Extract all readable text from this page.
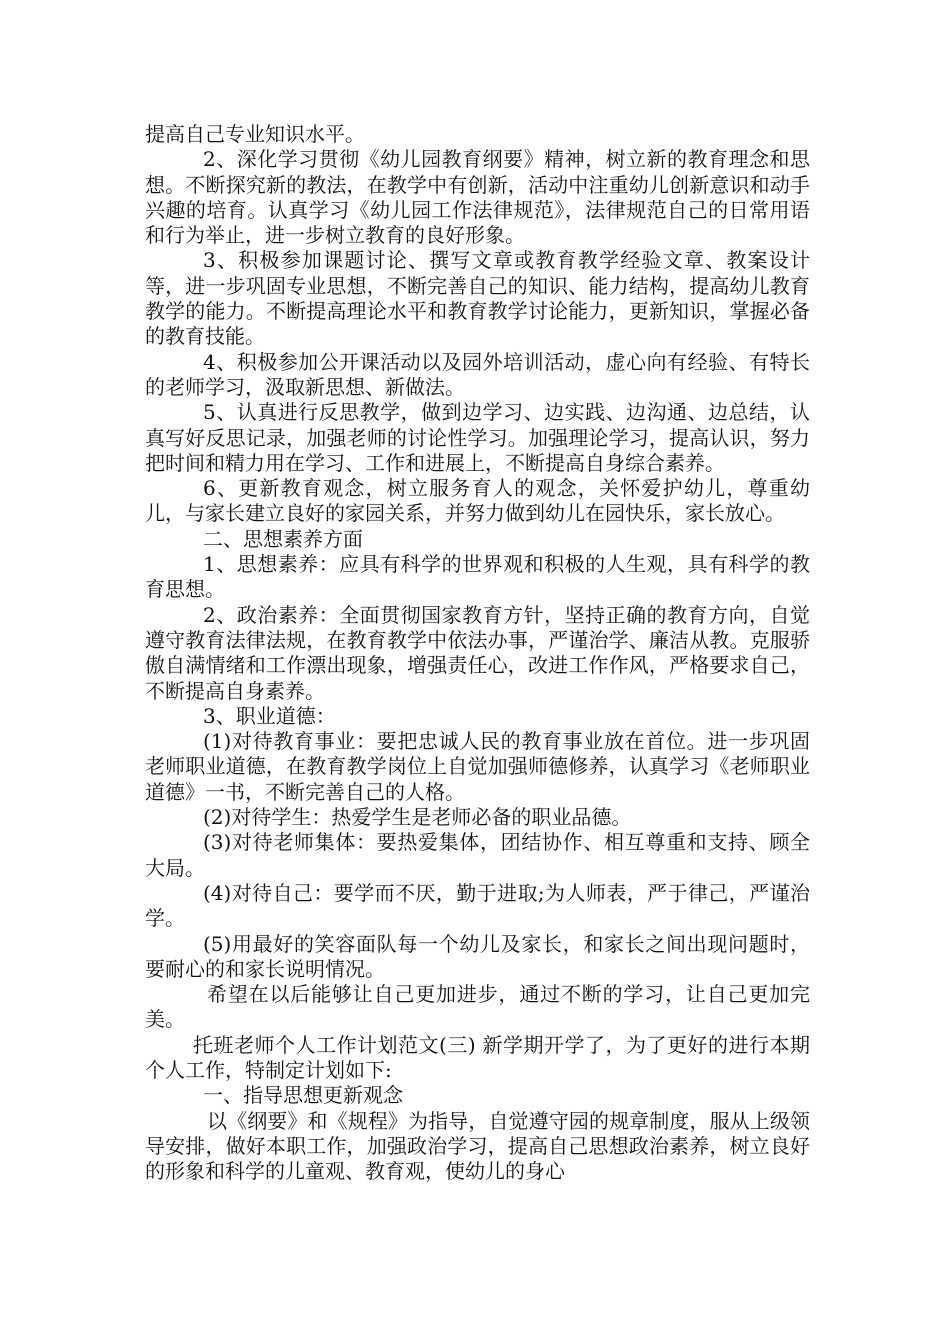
提高自己专业知识水平。

2、深化学习贯彻《幼儿园教育纲要》精神，树立新的教育理念和思想。不断探究新的教法，在教学中有创新，活动中注重幼儿创新意识和动手兴趣的培育。认真学习《幼儿园工作法律规范》，法律规范自己的日常用语和行为举止，进一步树立教育的良好形象。

3、积极参加课题讨论、撰写文章或教育教学经验文章、教案设计等，进一步巩固专业思想，不断完善自己的知识、能力结构，提高幼儿教育教学的能力。不断提高理论水平和教育教学讨论能力，更新知识，掌握必备的教育技能。

4、积极参加公开课活动以及园外培训活动，虚心向有经验、有特长的老师学习，汲取新思想、新做法。

5、认真进行反思教学，做到边学习、边实践、边沟通、边总结，认真写好反思记录，加强老师的讨论性学习。加强理论学习，提高认识，努力把时间和精力用在学习、工作和进展上，不断提高自身综合素养。

6、更新教育观念，树立服务育人的观念，关怀爱护幼儿，尊重幼儿，与家长建立良好的家园关系，并努力做到幼儿在园快乐，家长放心。

二、思想素养方面

1、思想素养：应具有科学的世界观和积极的人生观，具有科学的教育思想。

2、政治素养：全面贯彻国家教育方针，坚持正确的教育方向，自觉遵守教育法律法规，在教育教学中依法办事，严谨治学、廉洁从教。克服骄傲自满情绪和工作漂出现象，增强责任心，改进工作作风，严格要求自己，不断提高自身素养。

3、职业道德：

(1)对待教育事业：要把忠诚人民的教育事业放在首位。进一步巩固老师职业道德，在教育教学岗位上自觉加强师德修养，认真学习《老师职业道德》一书，不断完善自己的人格。

(2)对待学生：热爱学生是老师必备的职业品德。

(3)对待老师集体：要热爱集体，团结协作、相互尊重和支持、顾全大局。

(4)对待自己：要学而不厌，勤于进取;为人师表，严于律己，严谨治学。

(5)用最好的笑容面队每一个幼儿及家长，和家长之间出现问题时，要耐心的和家长说明情况。

希望在以后能够让自己更加进步，通过不断的学习，让自己更加完美。

托班老师个人工作计划范文(三) 新学期开学了，为了更好的进行本期个人工作，特制定计划如下:

一、指导思想更新观念

以《纲要》和《规程》为指导，自觉遵守园的规章制度，服从上级领导安排，做好本职工作，加强政治学习，提高自己思想政治素养，树立良好的形象和科学的儿童观、教育观，使幼儿的身心
